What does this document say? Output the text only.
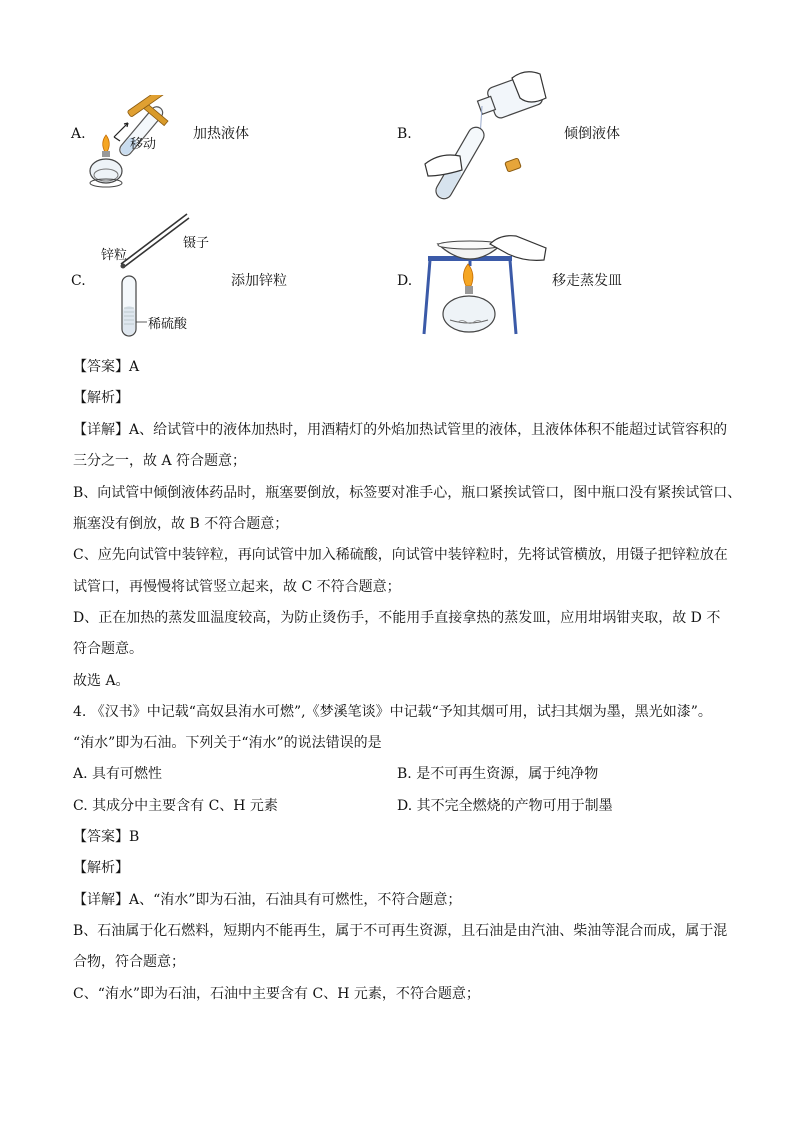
A.
移动
加热液体	B.	倾倒液体
C.
锌粒
镊子
稀硫酸
添加锌粒	D.	移走蒸发皿
【答案】A
【解析】
【详解】A、给试管中的液体加热时，用酒精灯的外焰加热试管里的液体，且液体体积不能超过试管容积的
三分之一，故 A 符合题意；
B、向试管中倾倒液体药品时，瓶塞要倒放，标签要对准手心，瓶口紧挨试管口，图中瓶口没有紧挨试管口、
瓶塞没有倒放，故 B 不符合题意；
C、应先向试管中装锌粒，再向试管中加入稀硫酸，向试管中装锌粒时，先将试管横放，用镊子把锌粒放在
试管口，再慢慢将试管竖立起来，故 C 不符合题意；
D、正在加热的蒸发皿温度较高，为防止烫伤手，不能用手直接拿热的蒸发皿，应用坩埚钳夹取，故 D 不
符合题意。
故选 A。
4. 《汉书》中记载“高奴县洧水可燃”,《梦溪笔谈》中记载“予知其烟可用，试扫其烟为墨，黑光如漆”。
“洧水”即为石油。下列关于“洧水”的说法错误的是
A. 具有可燃性	B. 是不可再生资源，属于纯净物
C. 其成分中主要含有 C、H 元素	D. 其不完全燃烧的产物可用于制墨
【答案】B
【解析】
【详解】A、“洧水”即为石油，石油具有可燃性，不符合题意；
B、石油属于化石燃料，短期内不能再生，属于不可再生资源，且石油是由汽油、柴油等混合而成，属于混
合物，符合题意；
C、“洧水”即为石油，石油中主要含有 C、H 元素，不符合题意；
